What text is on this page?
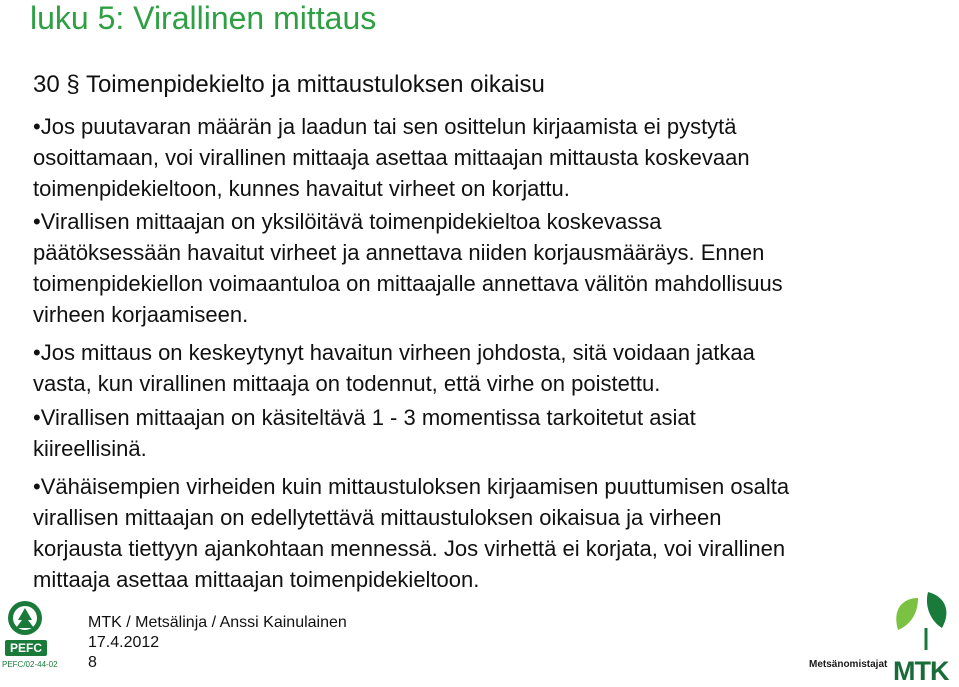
luku 5: Virallinen mittaus
30 § Toimenpidekielto ja mittaustuloksen oikaisu
•Jos puutavaran määrän ja laadun tai sen osittelun kirjaamista ei pystytä
osoittamaan, voi virallinen mittaaja asettaa mittaajan mittausta koskevaan
toimenpidekieltoon, kunnes havaitut virheet on korjattu.
•Virallisen mittaajan on yksilöitävä toimenpidekieltoa koskevassa
päätöksessään havaitut virheet ja annettava niiden korjausmääräys. Ennen
toimenpidekiellon voimaantuloa on mittaajalle annettava välitön mahdollisuus
virheen korjaamiseen.
•Jos mittaus on keskeytynyt havaitun virheen johdosta, sitä voidaan jatkaa
vasta, kun virallinen mittaaja on todennut, että virhe on poistettu.
•Virallisen mittaajan on käsiteltävä 1 - 3 momentissa tarkoitetut asiat
kiireellisinä.
•Vähäisempien virheiden kuin mittaustuloksen kirjaamisen puuttumisen osalta
virallisen mittaajan on edellytettävä mittaustuloksen oikaisua ja virheen
korjausta tiettyyn ajankohtaan mennessä. Jos virhettä ei korjata, voi virallinen
mittaaja asettaa mittaajan toimenpidekieltoon.
MTK / Metsälinja / Anssi Kainulainen
17.4.2012
8
PEFC
PEFC/02-44-02	Metsänomistajat MTK
